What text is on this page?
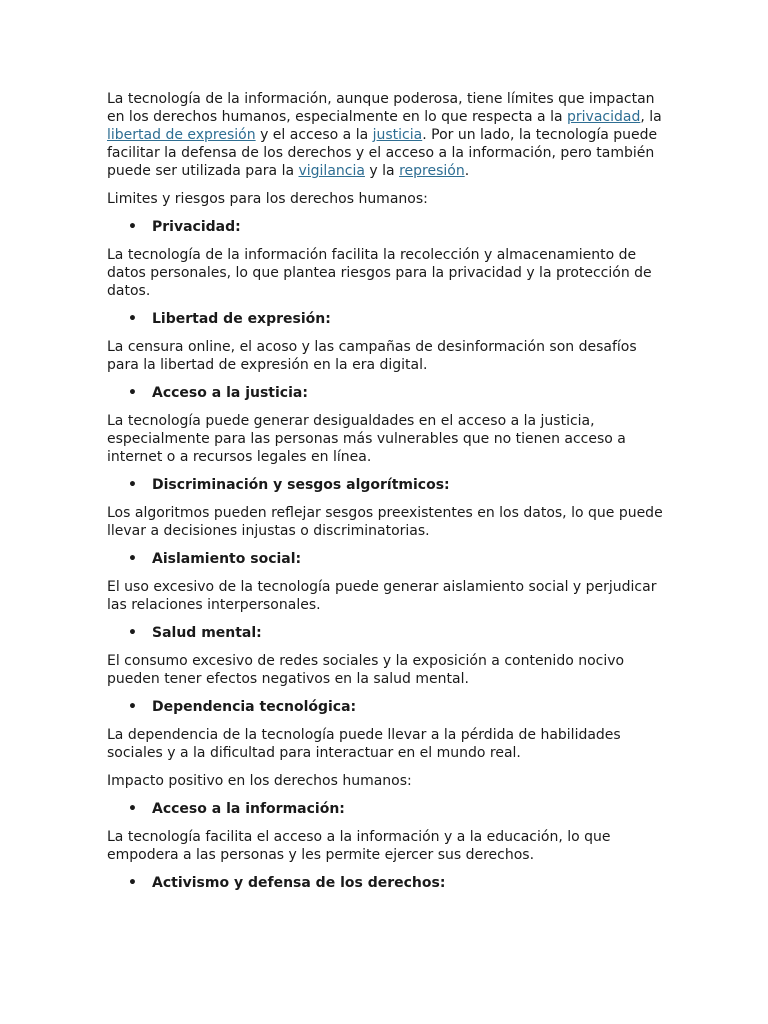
La tecnología de la información, aunque poderosa, tiene límites que impactan en los derechos humanos, especialmente en lo que respecta a la privacidad, la libertad de expresión y el acceso a la justicia. Por un lado, la tecnología puede facilitar la defensa de los derechos y el acceso a la información, pero también puede ser utilizada para la vigilancia y la represión.

Limites y riesgos para los derechos humanos:

• Privacidad:

La tecnología de la información facilita la recolección y almacenamiento de datos personales, lo que plantea riesgos para la privacidad y la protección de datos.

• Libertad de expresión:

La censura online, el acoso y las campañas de desinformación son desafíos para la libertad de expresión en la era digital.

• Acceso a la justicia:

La tecnología puede generar desigualdades en el acceso a la justicia, especialmente para las personas más vulnerables que no tienen acceso a internet o a recursos legales en línea.

• Discriminación y sesgos algorítmicos:

Los algoritmos pueden reflejar sesgos preexistentes en los datos, lo que puede llevar a decisiones injustas o discriminatorias.

• Aislamiento social:

El uso excesivo de la tecnología puede generar aislamiento social y perjudicar las relaciones interpersonales.

• Salud mental:

El consumo excesivo de redes sociales y la exposición a contenido nocivo pueden tener efectos negativos en la salud mental.

• Dependencia tecnológica:

La dependencia de la tecnología puede llevar a la pérdida de habilidades sociales y a la dificultad para interactuar en el mundo real.

Impacto positivo en los derechos humanos:

• Acceso a la información:

La tecnología facilita el acceso a la información y a la educación, lo que empodera a las personas y les permite ejercer sus derechos.

• Activismo y defensa de los derechos:
